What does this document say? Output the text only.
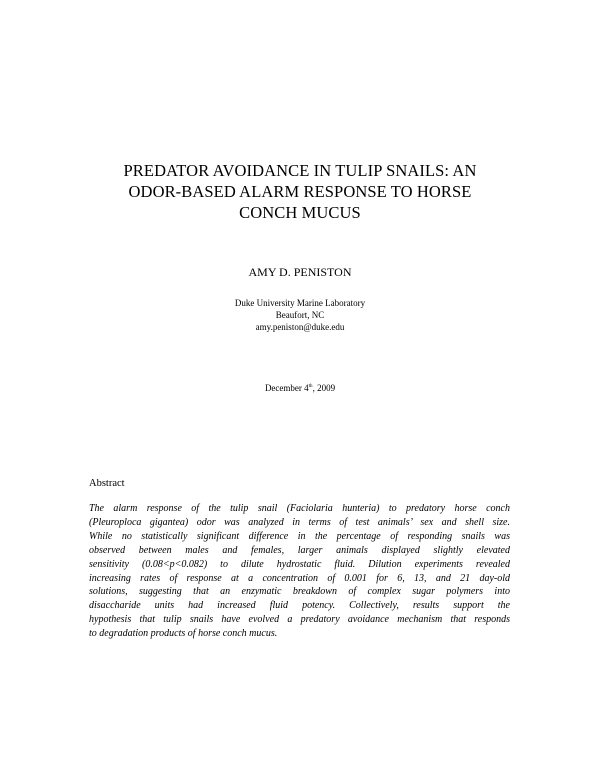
PREDATOR AVOIDANCE IN TULIP SNAILS: AN
ODOR-BASED ALARM RESPONSE TO HORSE
CONCH MUCUS
AMY D. PENISTON
Duke University Marine Laboratory
Beaufort, NC
amy.peniston@duke.edu
December 4th, 2009
Abstract
The alarm response of the tulip snail (Faciolaria hunteria) to predatory horse conch
(Pleuroploca gigantea) odor was analyzed in terms of test animals’ sex and shell size.
While no statistically significant difference in the percentage of responding snails was
observed between males and females, larger animals displayed slightly elevated
sensitivity (0.08<p<0.082) to dilute hydrostatic fluid. Dilution experiments revealed
increasing rates of response at a concentration of 0.001 for 6, 13, and 21 day-old
solutions, suggesting that an enzymatic breakdown of complex sugar polymers into
disaccharide units had increased fluid potency. Collectively, results support the
hypothesis that tulip snails have evolved a predatory avoidance mechanism that responds
to degradation products of horse conch mucus.
